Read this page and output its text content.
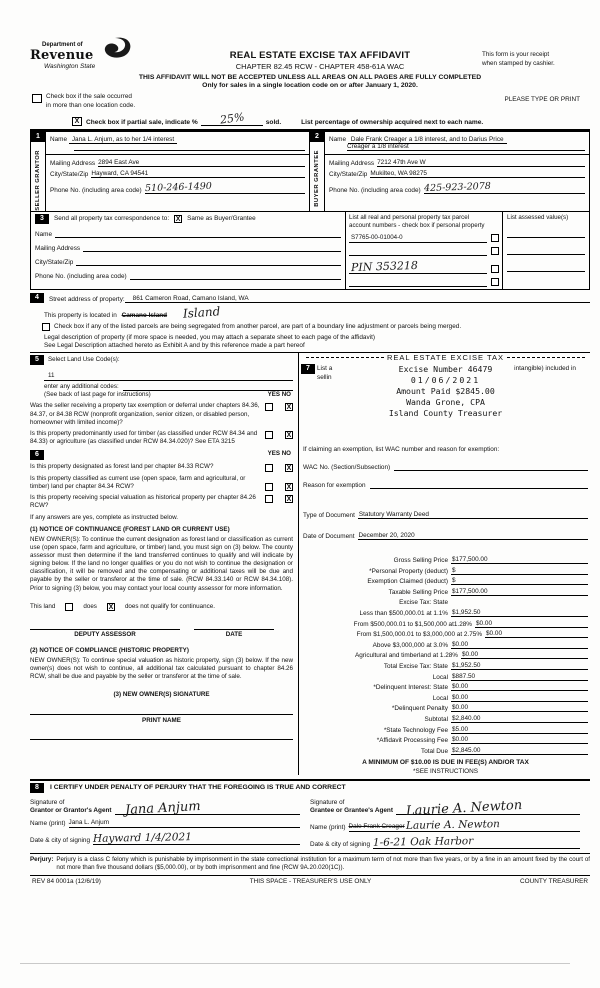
Department of
Revenue
Washington State
REAL ESTATE EXCISE TAX AFFIDAVIT
CHAPTER 82.45 RCW - CHAPTER 458-61A WAC
This form is your receipt
when stamped by cashier.
THIS AFFIDAVIT WILL NOT BE ACCEPTED UNLESS ALL AREAS ON ALL PAGES ARE FULLY COMPLETED
Only for sales in a single location code on or after January 1, 2020.
Check box if the sale occurred
in more than one location code.
PLEASE TYPE OR PRINT
X	Check box if partial sale, indicate %	25%	sold.	List percentage of ownership acquired next to each name.
1
SELLER GRANTOR
Name Jana L. Anjum, as to her 1/4 interest
Mailing Address 2894 East Ave
City/State/Zip Hayward, CA 94541
Phone No. (including area code) 510-246-1490
2
BUYER GRANTEE
Name Dale Frank Creager a 1/8 interest, and to Darius Price
Creager a 1/8 interest
Mailing Address 7212 47th Ave W
City/State/Zip Mukilteo, WA 98275
Phone No. (including area code) 425-923-2078
3	Send all property tax correspondence to: X Same as Buyer/Grantee
Name
Mailing Address
City/State/Zip
Phone No. (including area code)
List all real and personal property tax parcel
account numbers - check box if personal property
S7765-00-01004-0
PIN 353218
List assessed value(s)
4	Street address of property:	861 Cameron Road, Camano Island, WA
This property is located in Camano Island Island
Check box if any of the listed parcels are being segregated from another parcel, are part of a boundary line adjustment or parcels being merged.
Legal description of property (if more space is needed, you may attach a separate sheet to each page of the affidavit)
See Legal Description attached hereto as Exhibit A and by this reference made a part hereof
5	Select Land Use Code(s):
11
enter any additional codes:
(See back of last page for instructions)	YES NO
Was the seller receiving a property tax exemption or deferral under chapters 84.36, 84.37, or 84.38 RCW (nonprofit organization, senior citizen, or disabled person, homeowner with limited income)?
X
Is this property predominantly used for timber (as classified under RCW 84.34 and 84.33) or agriculture (as classified under RCW 84.34.020)? See ETA 3215
X
6	YES NO
Is this property designated as forest land per chapter 84.33 RCW?	X
Is this property classified as current use (open space, farm and agricultural, or timber) land per chapter 84.34 RCW?	X
Is this property receiving special valuation as historical property per chapter 84.26 RCW?
X
If any answers are yes, complete as instructed below.
(1) NOTICE OF CONTINUANCE (FOREST LAND OR CURRENT USE)
NEW OWNER(S): To continue the current designation as forest land or classification as current use (open space, farm and agriculture, or timber) land, you must sign on (3) below. The county assessor must then determine if the land transferred continues to qualify and will indicate by signing below. If the land no longer qualifies or you do not wish to continue the designation or classification, it will be removed and the compensating or additional taxes will be due and payable by the seller or transferor at the time of sale. (RCW 84.33.140 or RCW 84.34.108). Prior to signing (3) below, you may contact your local county assessor for more information.
This land	does X does not qualify for continuance.
DEPUTY ASSESSOR	DATE
(2) NOTICE OF COMPLIANCE (HISTORIC PROPERTY)
NEW OWNER(S): To continue special valuation as historic property, sign (3) below. If the new owner(s) does not wish to continue, all additional tax calculated pursuant to chapter 84.26 RCW, shall be due and payable by the seller or transferor at the time of sale.
(3) NEW OWNER(S) SIGNATURE
PRINT NAME
REAL ESTATE EXCISE TAX
7	List a
sellin
intangible) included in
Excise Number 46479
01/06/2021
Amount Paid $2845.00
Wanda Grone, CPA
Island County Treasurer
If claiming an exemption, list WAC number and reason for exemption:
WAC No. (Section/Subsection)
Reason for exemption
Type of Document Statutory Warranty Deed
Date of Document December 20, 2020
Gross Selling Price $177,500.00
*Personal Property (deduct) $
Exemption Claimed (deduct) $
Taxable Selling Price $177,500.00
Excise Tax: State
Less than $500,000.01 at 1.1% $1,952.50
From $500,000.01 to $1,500,000 at1.28% $0.00
From $1,500,000.01 to $3,000,000 at 2.75% $0.00
Above $3,000,000 at 3.0% $0.00
Agricultural and timberland at 1.28% $0.00
Total Excise Tax: State $1,952.50
Local $887.50
*Delinquent Interest: State $0.00
Local $0.00
*Delinquent Penalty $0.00
Subtotal $2,840.00
*State Technology Fee $5.00
*Affidavit Processing Fee $0.00
Total Due $2,845.00
A MINIMUM OF $10.00 IS DUE IN FEE(S) AND/OR TAX
*SEE INSTRUCTIONS
8	I CERTIFY UNDER PENALTY OF PERJURY THAT THE FOREGOING IS TRUE AND CORRECT
Signature of
Grantor or Grantor's Agent Jana Anjum
Name (print) Jana L. Anjum
Date & city of signing Hayward 1/4/2021
Signature of
Grantee or Grantee's Agent Laurie A. Newton
Name (print) Dale Frank Creager Laurie A. Newton
Date & city of signing 1-6-21 Oak Harbor
Perjury: Perjury is a class C felony which is punishable by imprisonment in the state correctional institution for a maximum term of not more than five years, or by a fine in an amount fixed by the court of not more than five thousand dollars ($5,000.00), or by both imprisonment and fine (RCW 9A.20.020(1C)).
REV 84 0001a (12/6/19)	THIS SPACE - TREASURER'S USE ONLY	COUNTY TREASURER
